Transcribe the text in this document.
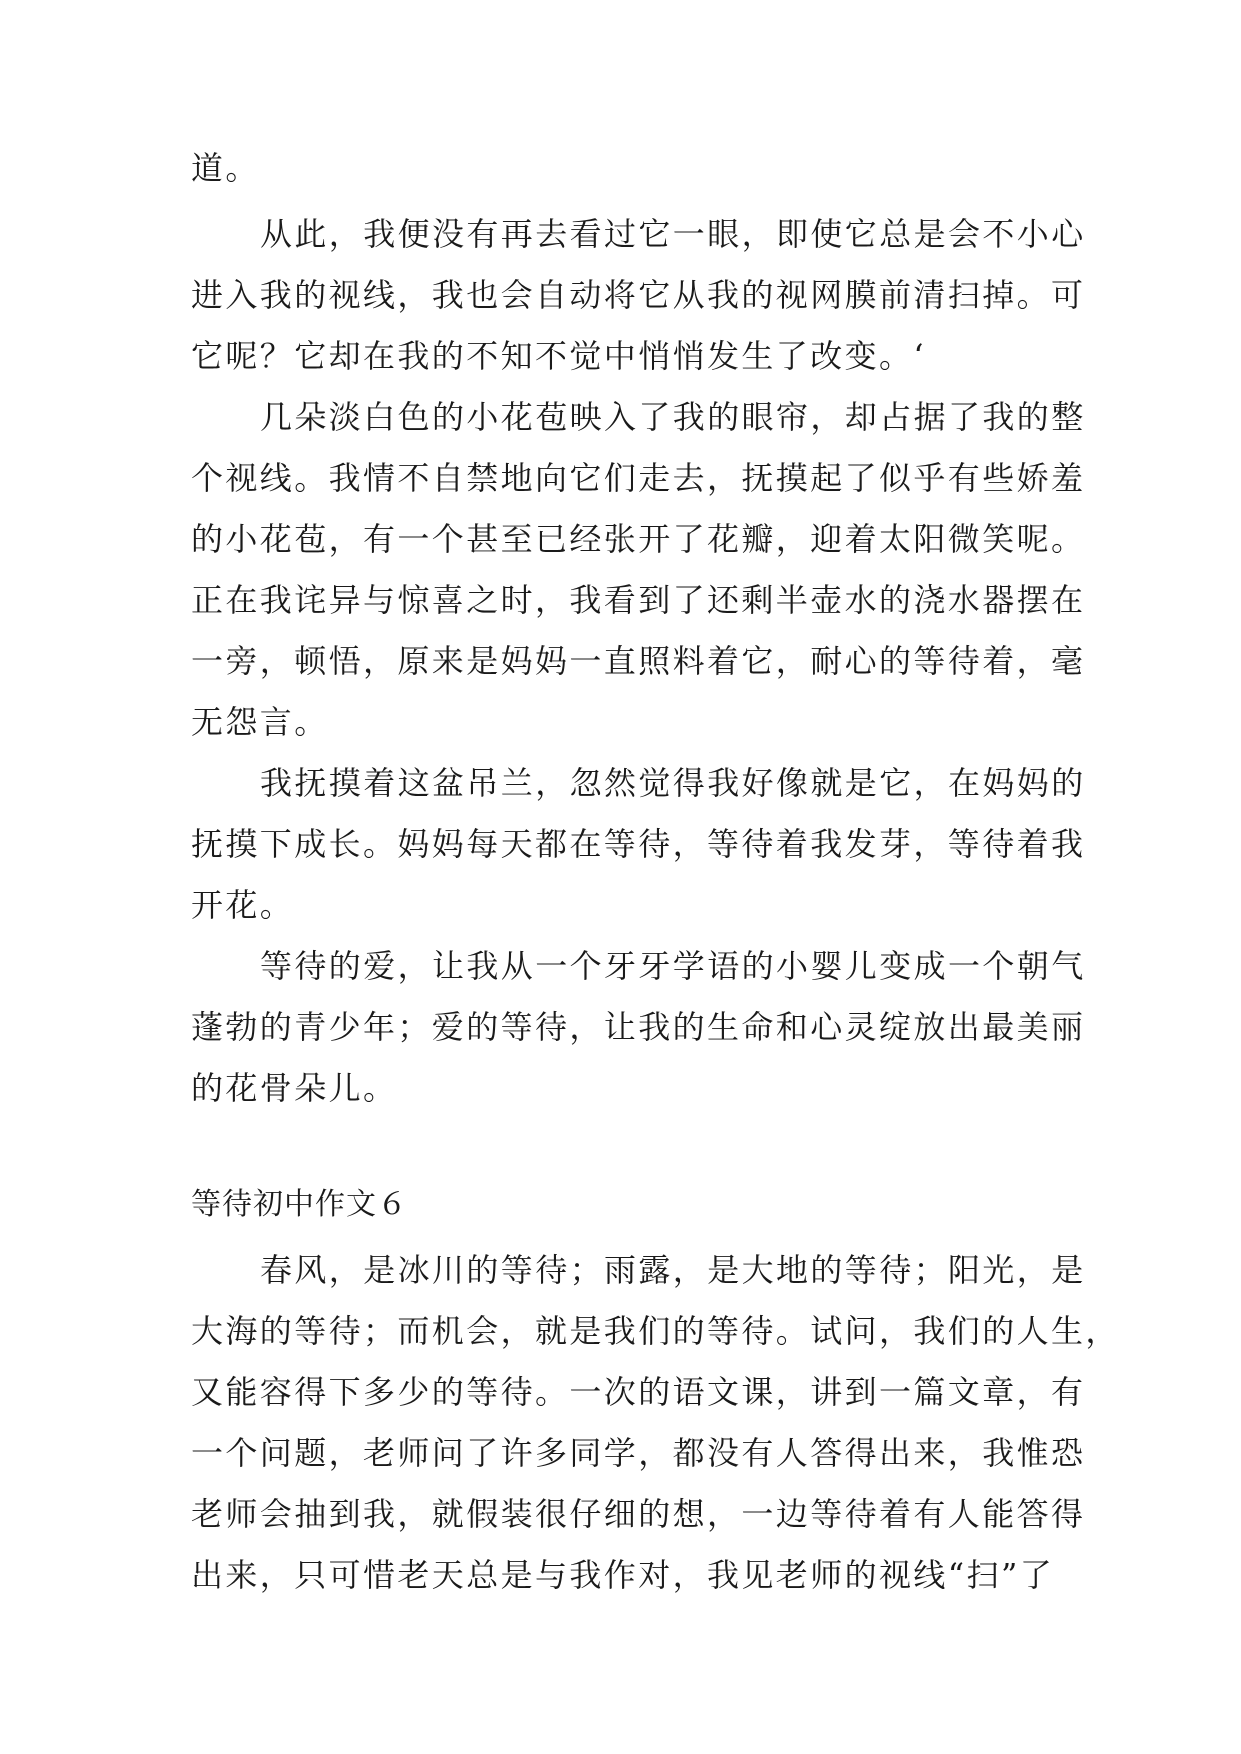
道。
从此，我便没有再去看过它一眼，即使它总是会不小心
进入我的视线，我也会自动将它从我的视网膜前清扫掉。可
它呢？它却在我的不知不觉中悄悄发生了改变。‘
几朵淡白色的小花苞映入了我的眼帘，却占据了我的整
个视线。我情不自禁地向它们走去，抚摸起了似乎有些娇羞
的小花苞，有一个甚至已经张开了花瓣，迎着太阳微笑呢。
正在我诧异与惊喜之时，我看到了还剩半壶水的浇水器摆在
一旁，顿悟，原来是妈妈一直照料着它，耐心的等待着，毫
无怨言。
我抚摸着这盆吊兰，忽然觉得我好像就是它，在妈妈的
抚摸下成长。妈妈每天都在等待，等待着我发芽，等待着我
开花。
等待的爱，让我从一个牙牙学语的小婴儿变成一个朝气
蓬勃的青少年；爱的等待，让我的生命和心灵绽放出最美丽
的花骨朵儿。
等待初中作文６
春风，是冰川的等待；雨露，是大地的等待；阳光，是
大海的等待；而机会，就是我们的等待。试问，我们的人生，
又能容得下多少的等待。一次的语文课，讲到一篇文章，有
一个问题，老师问了许多同学，都没有人答得出来，我惟恐
老师会抽到我，就假装很仔细的想，一边等待着有人能答得
出来，只可惜老天总是与我作对，我见老师的视线“扫”了
